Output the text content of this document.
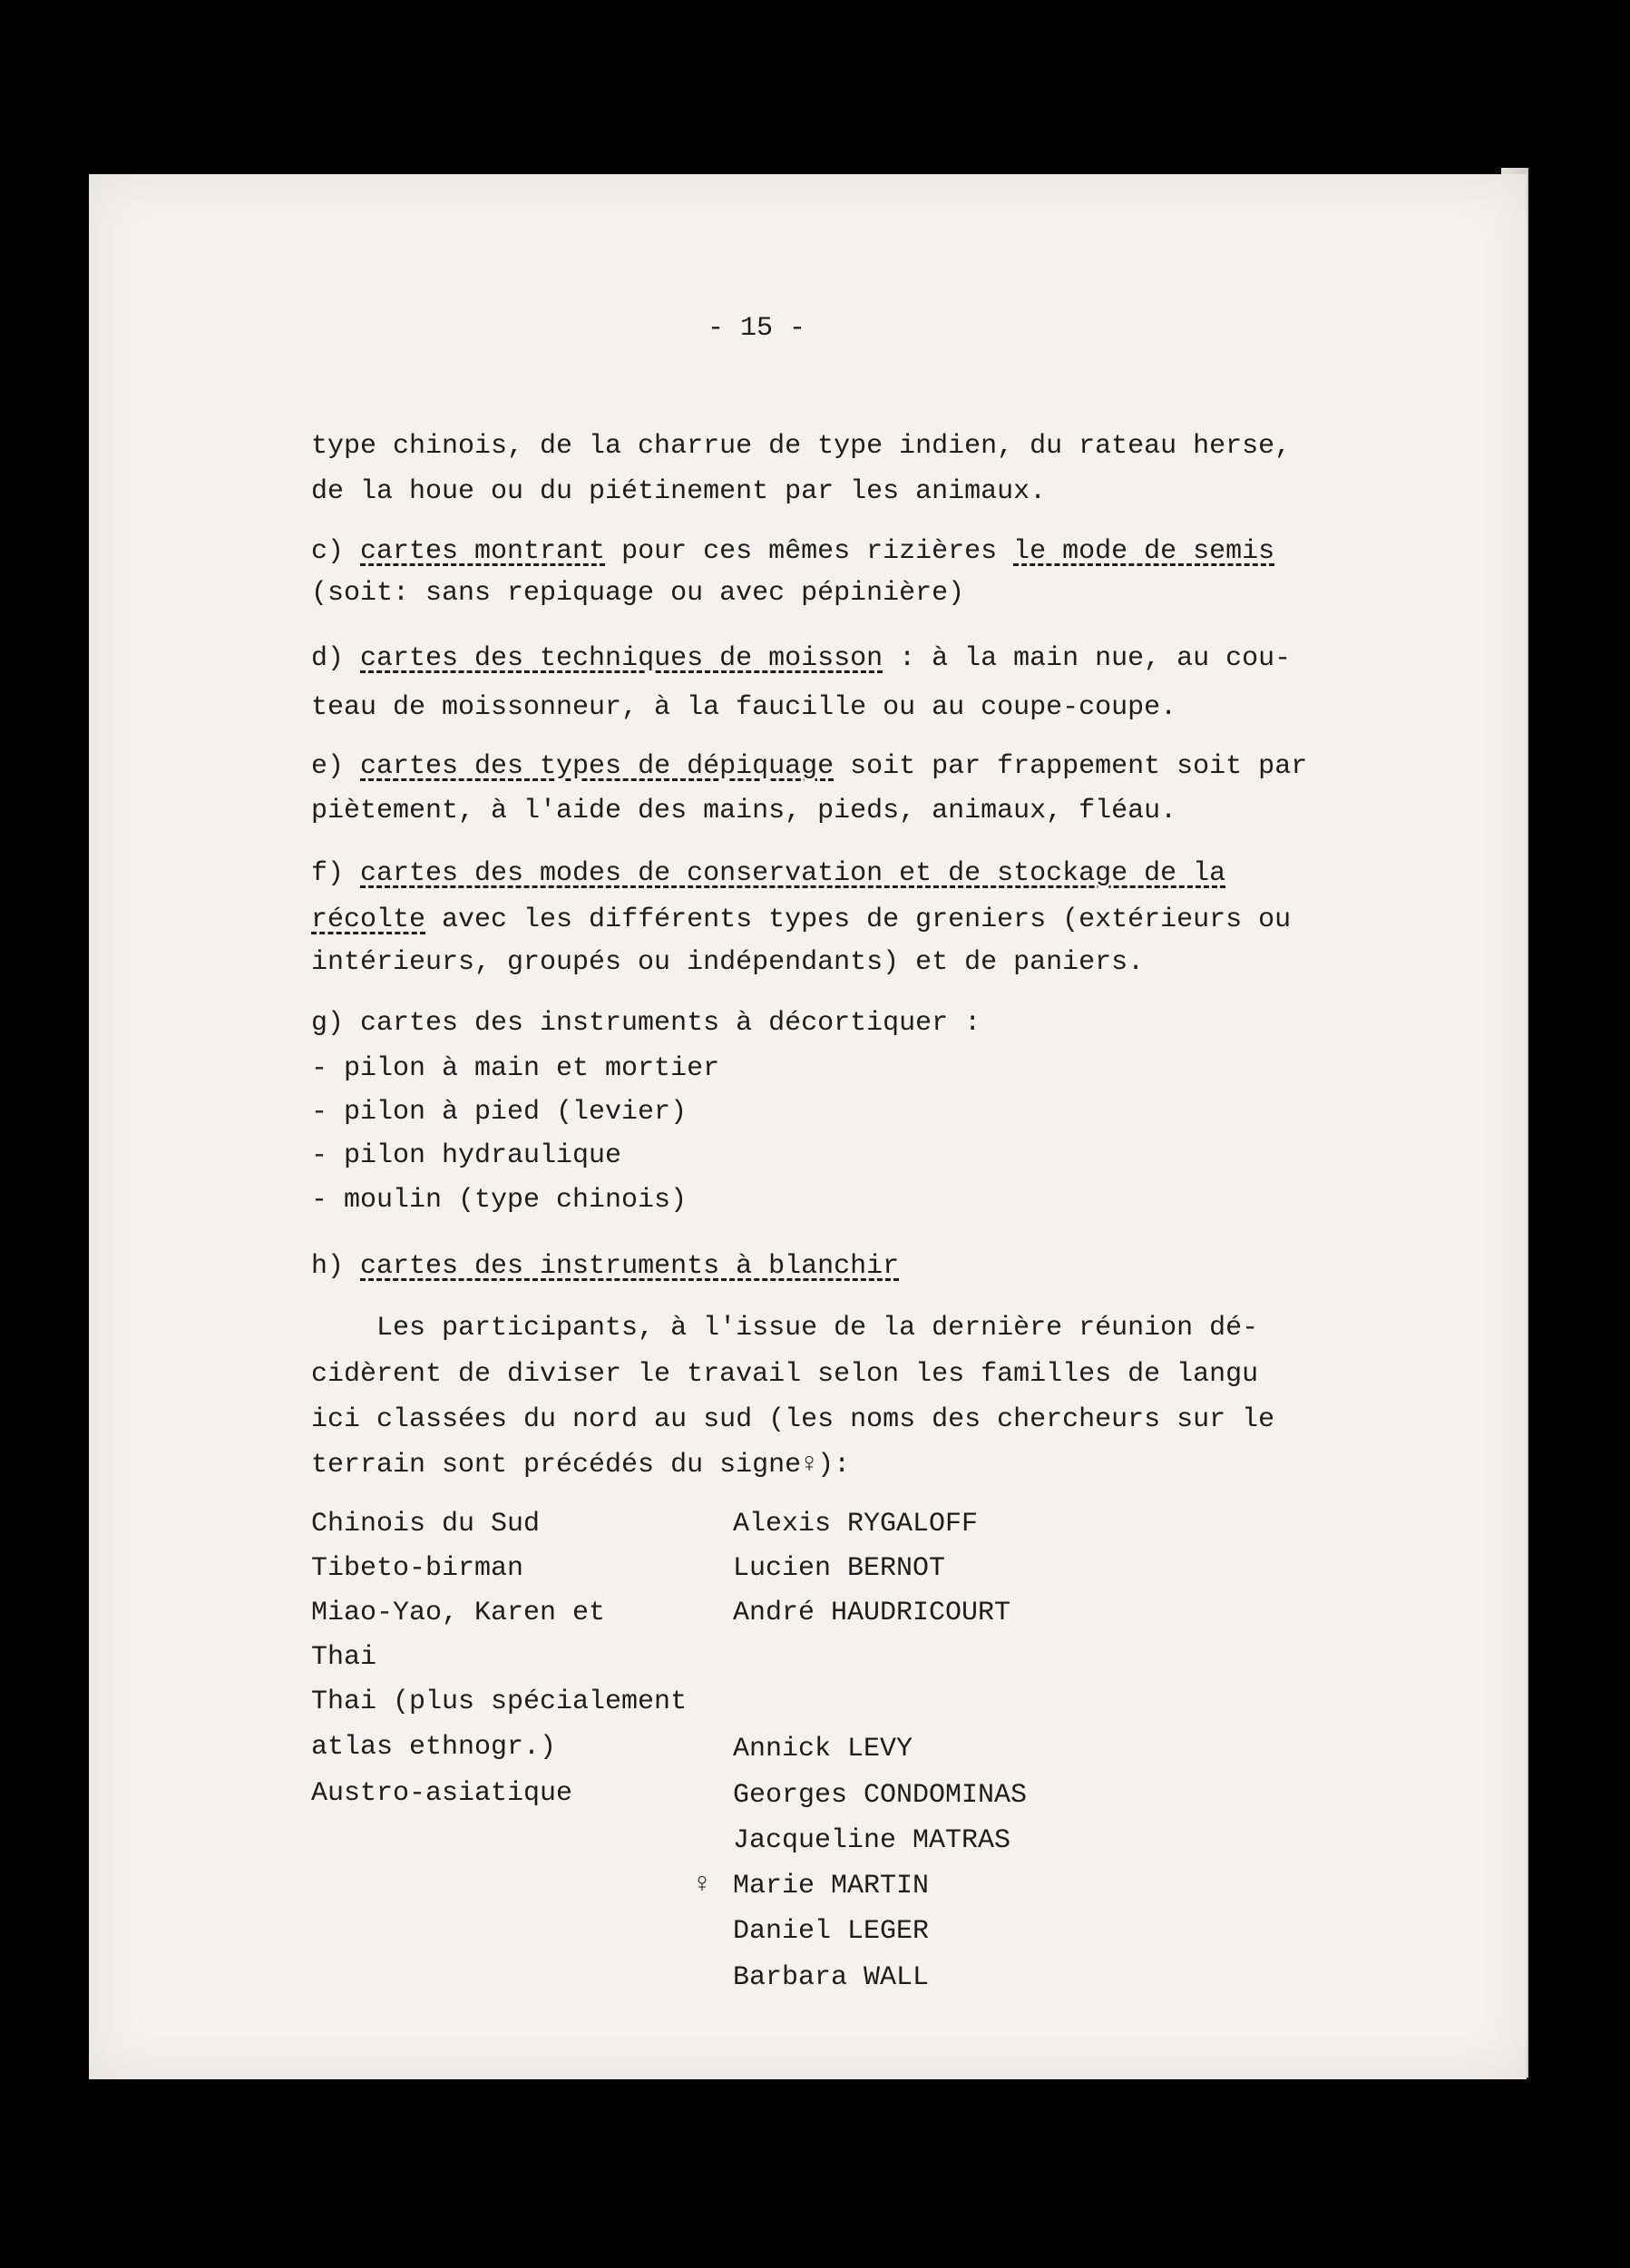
- 15 -
type chinois, de la charrue de type indien, du rateau herse,
de la houe ou du piétinement par les animaux.
c) cartes montrant pour ces mêmes rizières le mode de semis
(soit: sans repiquage ou avec pépinière)
d) cartes des techniques de moisson : à la main nue, au cou-
teau de moissonneur, à la faucille ou au coupe-coupe.
e) cartes des types de dépiquage soit par frappement soit par
piètement, à l'aide des mains, pieds, animaux, fléau.
f) cartes des modes de conservation et de stockage de la
récolte avec les différents types de greniers (extérieurs ou
intérieurs, groupés ou indépendants) et de paniers.
g) cartes des instruments à décortiquer :
- pilon à main et mortier
- pilon à pied (levier)
- pilon hydraulique
- moulin (type chinois)
h) cartes des instruments à blanchir
Les participants, à l'issue de la dernière réunion dé-
cidèrent de diviser le travail selon les familles de langu
ici classées du nord au sud (les noms des chercheurs sur le
terrain sont précédés du signe♀):
Chinois du Sud
Tibeto-birman
Miao-Yao, Karen et
Thai
Thai (plus spécialement
atlas ethnogr.)
Austro-asiatique
Alexis RYGALOFF
Lucien BERNOT
André HAUDRICOURT
Annick LEVY
Georges CONDOMINAS
Jacqueline MATRAS
Marie MARTIN
Daniel LEGER
Barbara WALL
♀
